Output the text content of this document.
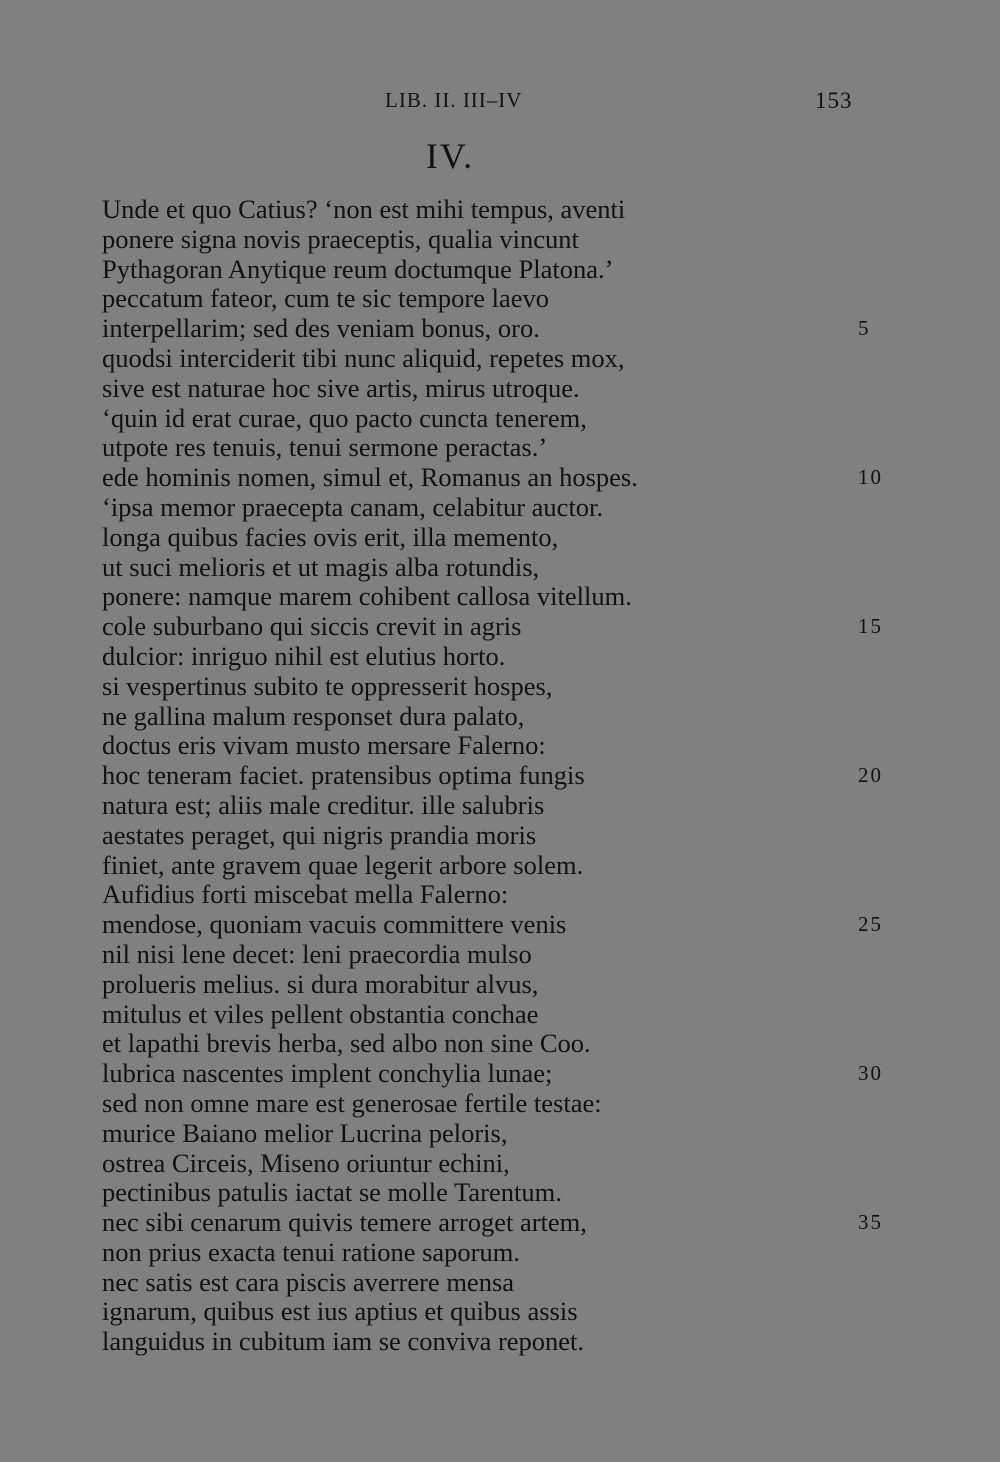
LIB. II. III–IV	153
IV.
Unde et quo Catius? ‘non est mihi tempus, aventi
ponere signa novis praeceptis, qualia vincunt
Pythagoran Anytique reum doctumque Platona.’
peccatum fateor, cum te sic tempore laevo
interpellarim; sed des veniam bonus, oro.	5
quodsi interciderit tibi nunc aliquid, repetes mox,
sive est naturae hoc sive artis, mirus utroque.
‘quin id erat curae, quo pacto cuncta tenerem,
utpote res tenuis, tenui sermone peractas.’
ede hominis nomen, simul et, Romanus an hospes.	10
‘ipsa memor praecepta canam, celabitur auctor.
longa quibus facies ovis erit, illa memento,
ut suci melioris et ut magis alba rotundis,
ponere: namque marem cohibent callosa vitellum.
cole suburbano qui siccis crevit in agris	15
dulcior: inriguo nihil est elutius horto.
si vespertinus subito te oppresserit hospes,
ne gallina malum responset dura palato,
doctus eris vivam musto mersare Falerno:
hoc teneram faciet. pratensibus optima fungis	20
natura est; aliis male creditur. ille salubris
aestates peraget, qui nigris prandia moris
finiet, ante gravem quae legerit arbore solem.
Aufidius forti miscebat mella Falerno:
mendose, quoniam vacuis committere venis	25
nil nisi lene decet: leni praecordia mulso
prolueris melius. si dura morabitur alvus,
mitulus et viles pellent obstantia conchae
et lapathi brevis herba, sed albo non sine Coo.
lubrica nascentes implent conchylia lunae;	30
sed non omne mare est generosae fertile testae:
murice Baiano melior Lucrina peloris,
ostrea Circeis, Miseno oriuntur echini,
pectinibus patulis iactat se molle Tarentum.
nec sibi cenarum quivis temere arroget artem,	35
non prius exacta tenui ratione saporum.
nec satis est cara piscis averrere mensa
ignarum, quibus est ius aptius et quibus assis
languidus in cubitum iam se conviva reponet.
